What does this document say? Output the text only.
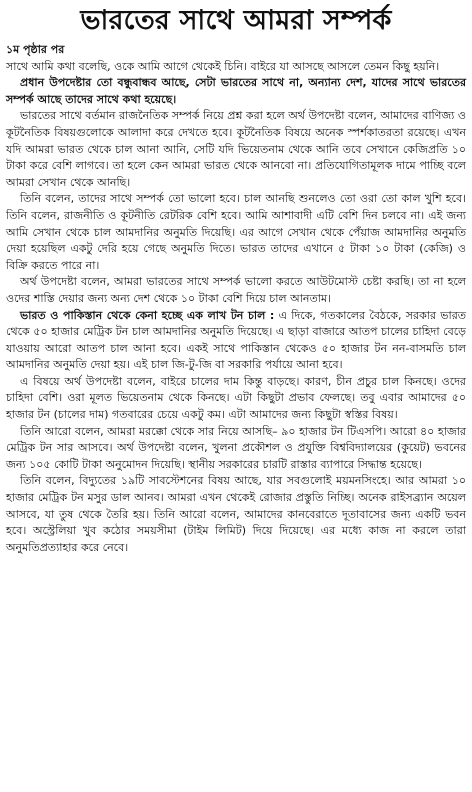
ভারতের সাথে আমরা সম্পর্ক

১ম পৃষ্ঠার পর

সাথে আমি কথা বলেছি, ওকে আমি আগে থেকেই চিনি। বাইরে যা আসছে আসলে তেমন কিছু হয়নি।

প্রধান উপদেষ্টার তো বন্ধুবান্ধব আছে, সেটা ভারতের সাথে না, অন্যান্য দেশ, যাদের সাথে ভারতের সম্পর্ক আছে তাদের সাথে কথা হয়েছে।

ভারতের সাথে বর্তমান রাজনৈতিক সম্পর্ক নিয়ে প্রশ্ন করা হলে অর্থ উপদেষ্টা বলেন, আমাদের বাণিজ্য ও কূটনৈতিক বিষয়গুলোকে আলাদা করে দেখতে হবে। কূটনৈতিক বিষয়ে অনেক স্পর্শকাতরতা রয়েছে। এখন যদি আমরা ভারত থেকে চাল আনা আনি, সেটি যদি ভিয়েতনাম থেকে আনি তবে সেখানে কেজিপ্রতি ১০ টাকা করে বেশি লাগবে। তা হলে কেন আমরা ভারত থেকে আনবো না। প্রতিযোগিতামূলক দামে পাচ্ছি বলে আমরা সেখান থেকে আনছি।

তিনি বলেন, তাদের সাথে সম্পর্ক তো ভালো হবে। চাল আনছি শুনলেও তো ওরা তো কাল খুশি হবে। তিনি বলেন, রাজনীতি ও কূটনীতি রেটরিক বেশি হবে। আমি আশাবাদী এটি বেশি দিন চলবে না। এই জন্য আমি সেখান থেকে চাল আমদানির অনুমতি দিয়েছি। এর আগে সেখান থেকে পেঁয়াজ আমদানির অনুমতি দেয়া হয়েছিল একটু দেরি হয়ে গেছে অনুমতি দিতে। ভারত তাদের এখানে ৫ টাকা ১০ টাকা (কেজি) ও বিক্রি করতে পারে না।

অর্থ উপদেষ্টা বলেন, আমরা ভারতের সাথে সম্পর্ক ভালো করতে আউটমোস্ট চেষ্টা করছি। তা না হলে ওদের শাস্তি দেয়ার জন্য অন্য দেশ থেকে ১০ টাকা বেশি দিয়ে চাল আনতাম।

ভারত ও পাকিস্তান থেকে কেনা হচ্ছে এক লাখ টন চাল : এ দিকে, গতকালের বৈঠকে, সরকার ভারত থেকে ৫০ হাজার মেট্রিক টন চাল আমদানির অনুমতি দিয়েছে। এ ছাড়া বাজারে আতপ চালের চাহিদা বেড়ে যাওয়ায় আরো আতপ চাল আনা হবে। একই সাথে পাকিস্তান থেকেও ৫০ হাজার টন নন-বাসমতি চাল আমদানির অনুমতি দেয়া হয়। এই চাল জি-টু-জি বা সরকারি পর্যায়ে আনা হবে।

এ বিষয়ে অর্থ উপদেষ্টা বলেন, বাইরে চালের দাম কিন্তু বাড়ছে। কারণ, চীন প্রচুর চাল কিনছে। ওদের চাহিদা বেশি। ওরা মূলত ভিয়েতনাম থেকে কিনছে। এটা কিছুটা প্রভাব ফেলছে। তবু এবার আমাদের ৫০ হাজার টন (চালের দাম) গতবারের চেয়ে একটু কম। এটা আমাদের জন্য কিছুটা স্বস্তির বিষয়।

তিনি আরো বলেন, আমরা মরক্কো থেকে সার নিয়ে আসছি– ৯০ হাজার টন টিএসপি। আরো ৪০ হাজার মেট্রিক টন সার আসবে। অর্থ উপদেষ্টা বলেন, খুলনা প্রকৌশল ও প্রযুক্তি বিশ্ববিদ্যালয়ের (কুয়েট) ভবনের জন্য ১০৫ কোটি টাকা অনুমোদন দিয়েছি। স্থানীয় সরকারের চারটি রাস্তার ব্যাপারে সিদ্ধান্ত হয়েছে।

তিনি বলেন, বিদ্যুতের ১৯টি সাবস্টেশনের বিষয় আছে, যার সবগুলোই ময়মনসিংহে। আর আমরা ১০ হাজার মেট্রিক টন মসুর ডাল আনব। আমরা এখন থেকেই রোজার প্রস্তুতি নিচ্ছি। অনেক রাইসব্র্যান অয়েল আসবে, যা তুষ থেকে তৈরি হয়। তিনি আরো বলেন, আমাদের কানবেরাতে দূতাবাসের জন্য একটি ভবন হবে। অস্ট্রেলিয়া খুব কঠোর সময়সীমা (টাইম লিমিট) দিয়ে দিয়েছে। এর মধ্যে কাজ না করলে তারা অনুমতিপ্রত্যাহার করে নেবে।
